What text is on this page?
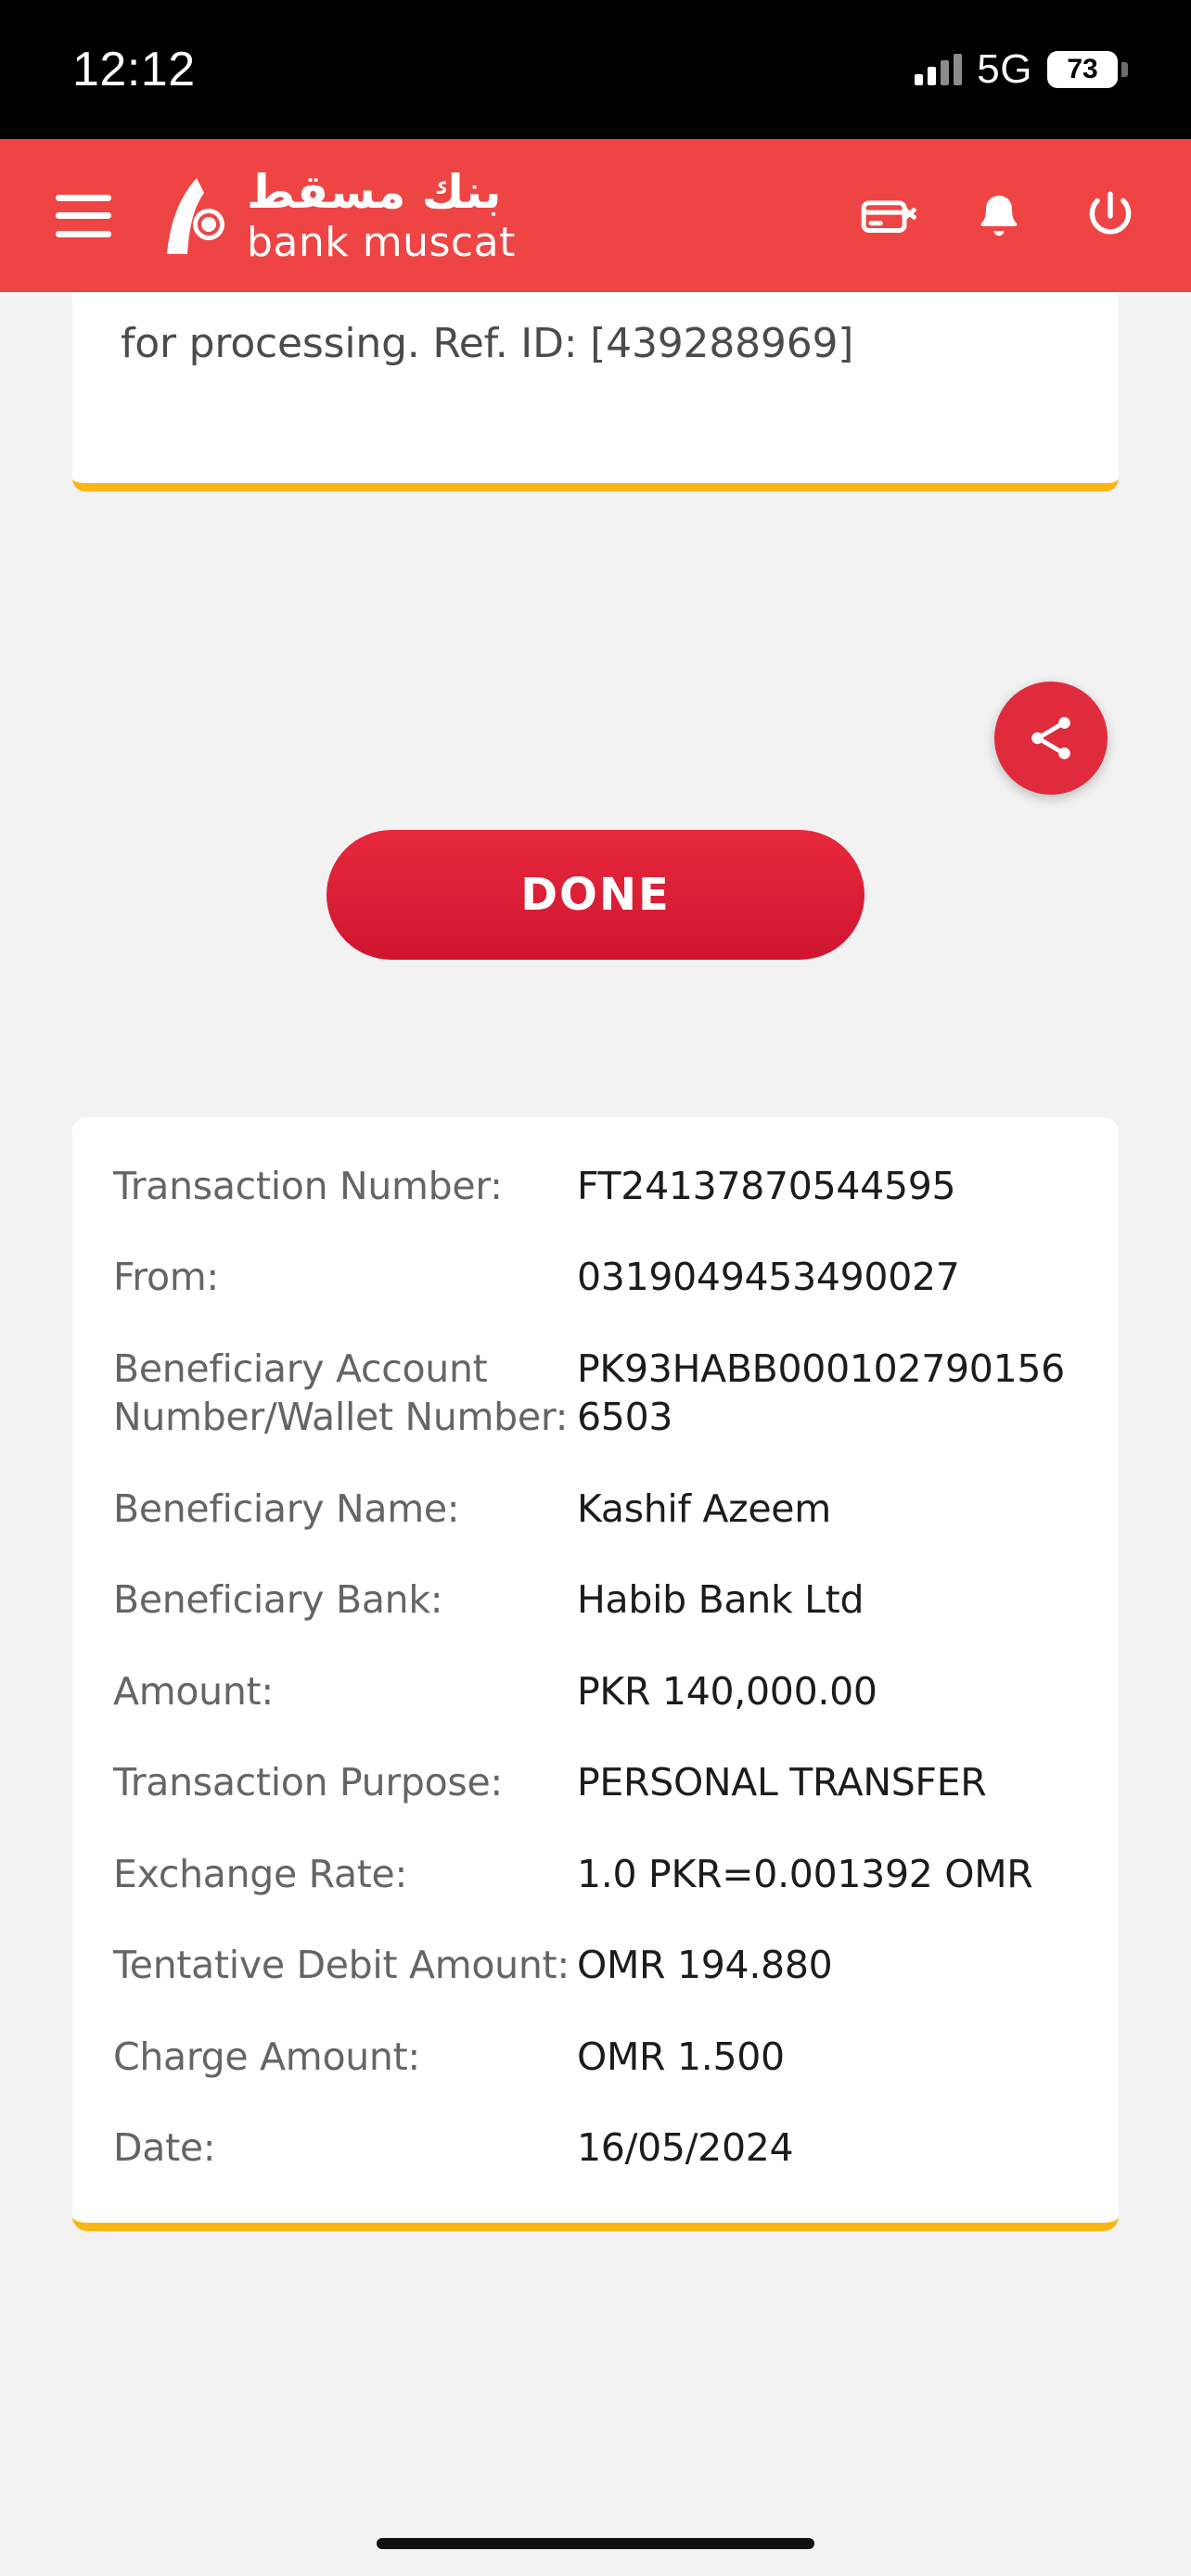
12:12	5G	73
بنك مسقط
bank muscat
for processing. Ref. ID: [439288969]
DONE
Transaction Number:	FT24137870544595
From:	0319049453490027
Beneficiary Account Number/Wallet Number:
PK93HABB0001027901566503
Beneficiary Name:	Kashif Azeem
Beneficiary Bank:	Habib Bank Ltd
Amount:	PKR 140,000.00
Transaction Purpose:	PERSONAL TRANSFER
Exchange Rate:	1.0 PKR=0.001392 OMR
Tentative Debit Amount: OMR 194.880
Charge Amount:	OMR 1.500
Date:	16/05/2024
